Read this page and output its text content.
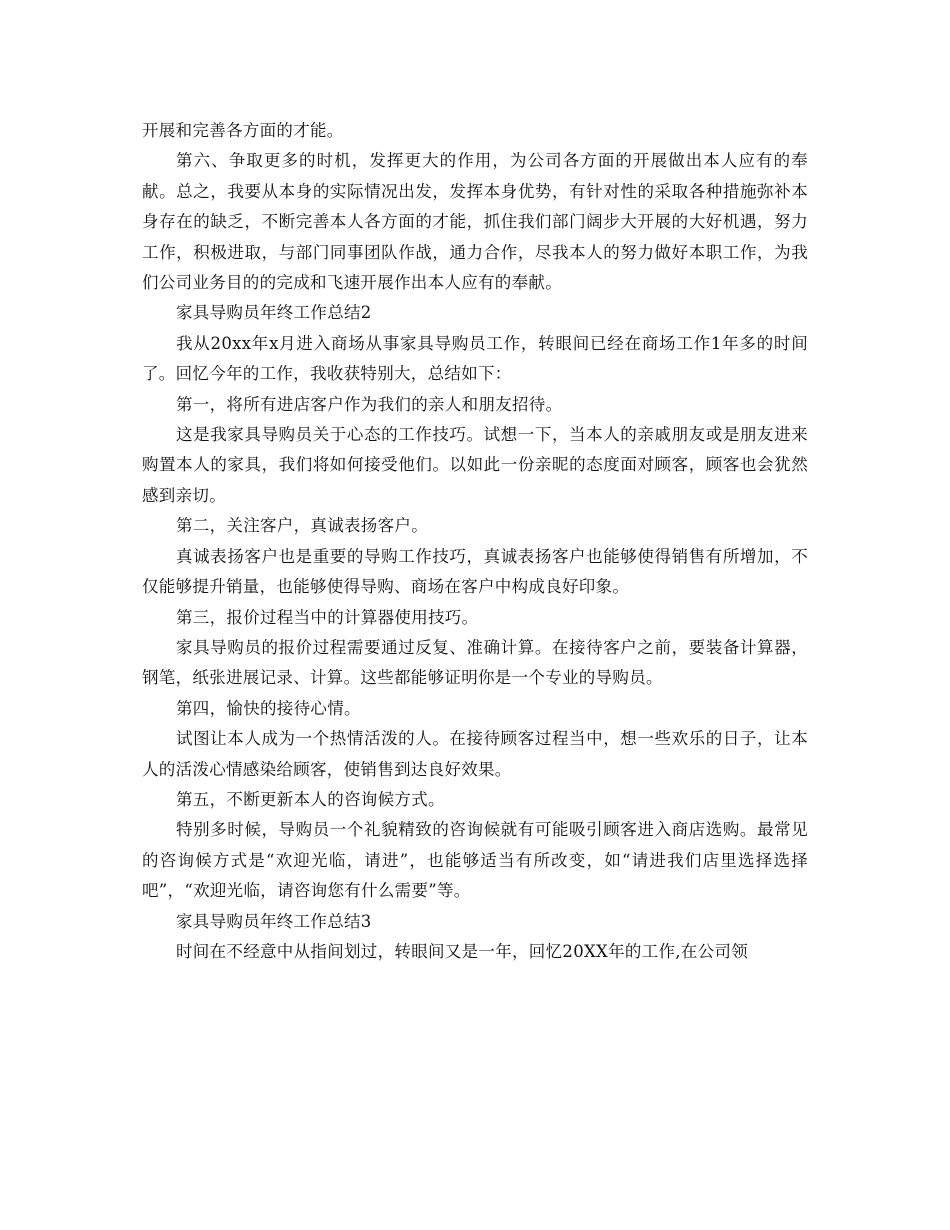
开展和完善各方面的才能。

第六、争取更多的时机，发挥更大的作用，为公司各方面的开展做出本人应有的奉献。总之，我要从本身的实际情况出发，发挥本身优势，有针对性的采取各种措施弥补本身存在的缺乏，不断完善本人各方面的才能，抓住我们部门阔步大开展的大好机遇，努力工作，积极进取，与部门同事团队作战，通力合作，尽我本人的努力做好本职工作，为我们公司业务目的的完成和飞速开展作出本人应有的奉献。

家具导购员年终工作总结2

我从20xx年x月进入商场从事家具导购员工作，转眼间已经在商场工作1年多的时间了。回忆今年的工作，我收获特别大，总结如下：

第一，将所有进店客户作为我们的亲人和朋友招待。

这是我家具导购员关于心态的工作技巧。试想一下，当本人的亲戚朋友或是朋友进来购置本人的家具，我们将如何接受他们。以如此一份亲昵的态度面对顾客，顾客也会犹然感到亲切。

第二，关注客户，真诚表扬客户。

真诚表扬客户也是重要的导购工作技巧，真诚表扬客户也能够使得销售有所增加，不仅能够提升销量，也能够使得导购、商场在客户中构成良好印象。

第三，报价过程当中的计算器使用技巧。

家具导购员的报价过程需要通过反复、准确计算。在接待客户之前，要装备计算器，钢笔，纸张进展记录、计算。这些都能够证明你是一个专业的导购员。

第四，愉快的接待心情。

试图让本人成为一个热情活泼的人。在接待顾客过程当中，想一些欢乐的日子，让本人的活泼心情感染给顾客，使销售到达良好效果。

第五，不断更新本人的咨询候方式。

特别多时候，导购员一个礼貌精致的咨询候就有可能吸引顾客进入商店选购。最常见的咨询候方式是“欢迎光临，请进”，也能够适当有所改变，如“请进我们店里选择选择吧”，“欢迎光临，请咨询您有什么需要”等。

家具导购员年终工作总结3

时间在不经意中从指间划过，转眼间又是一年，回忆20XX年的工作,在公司领
